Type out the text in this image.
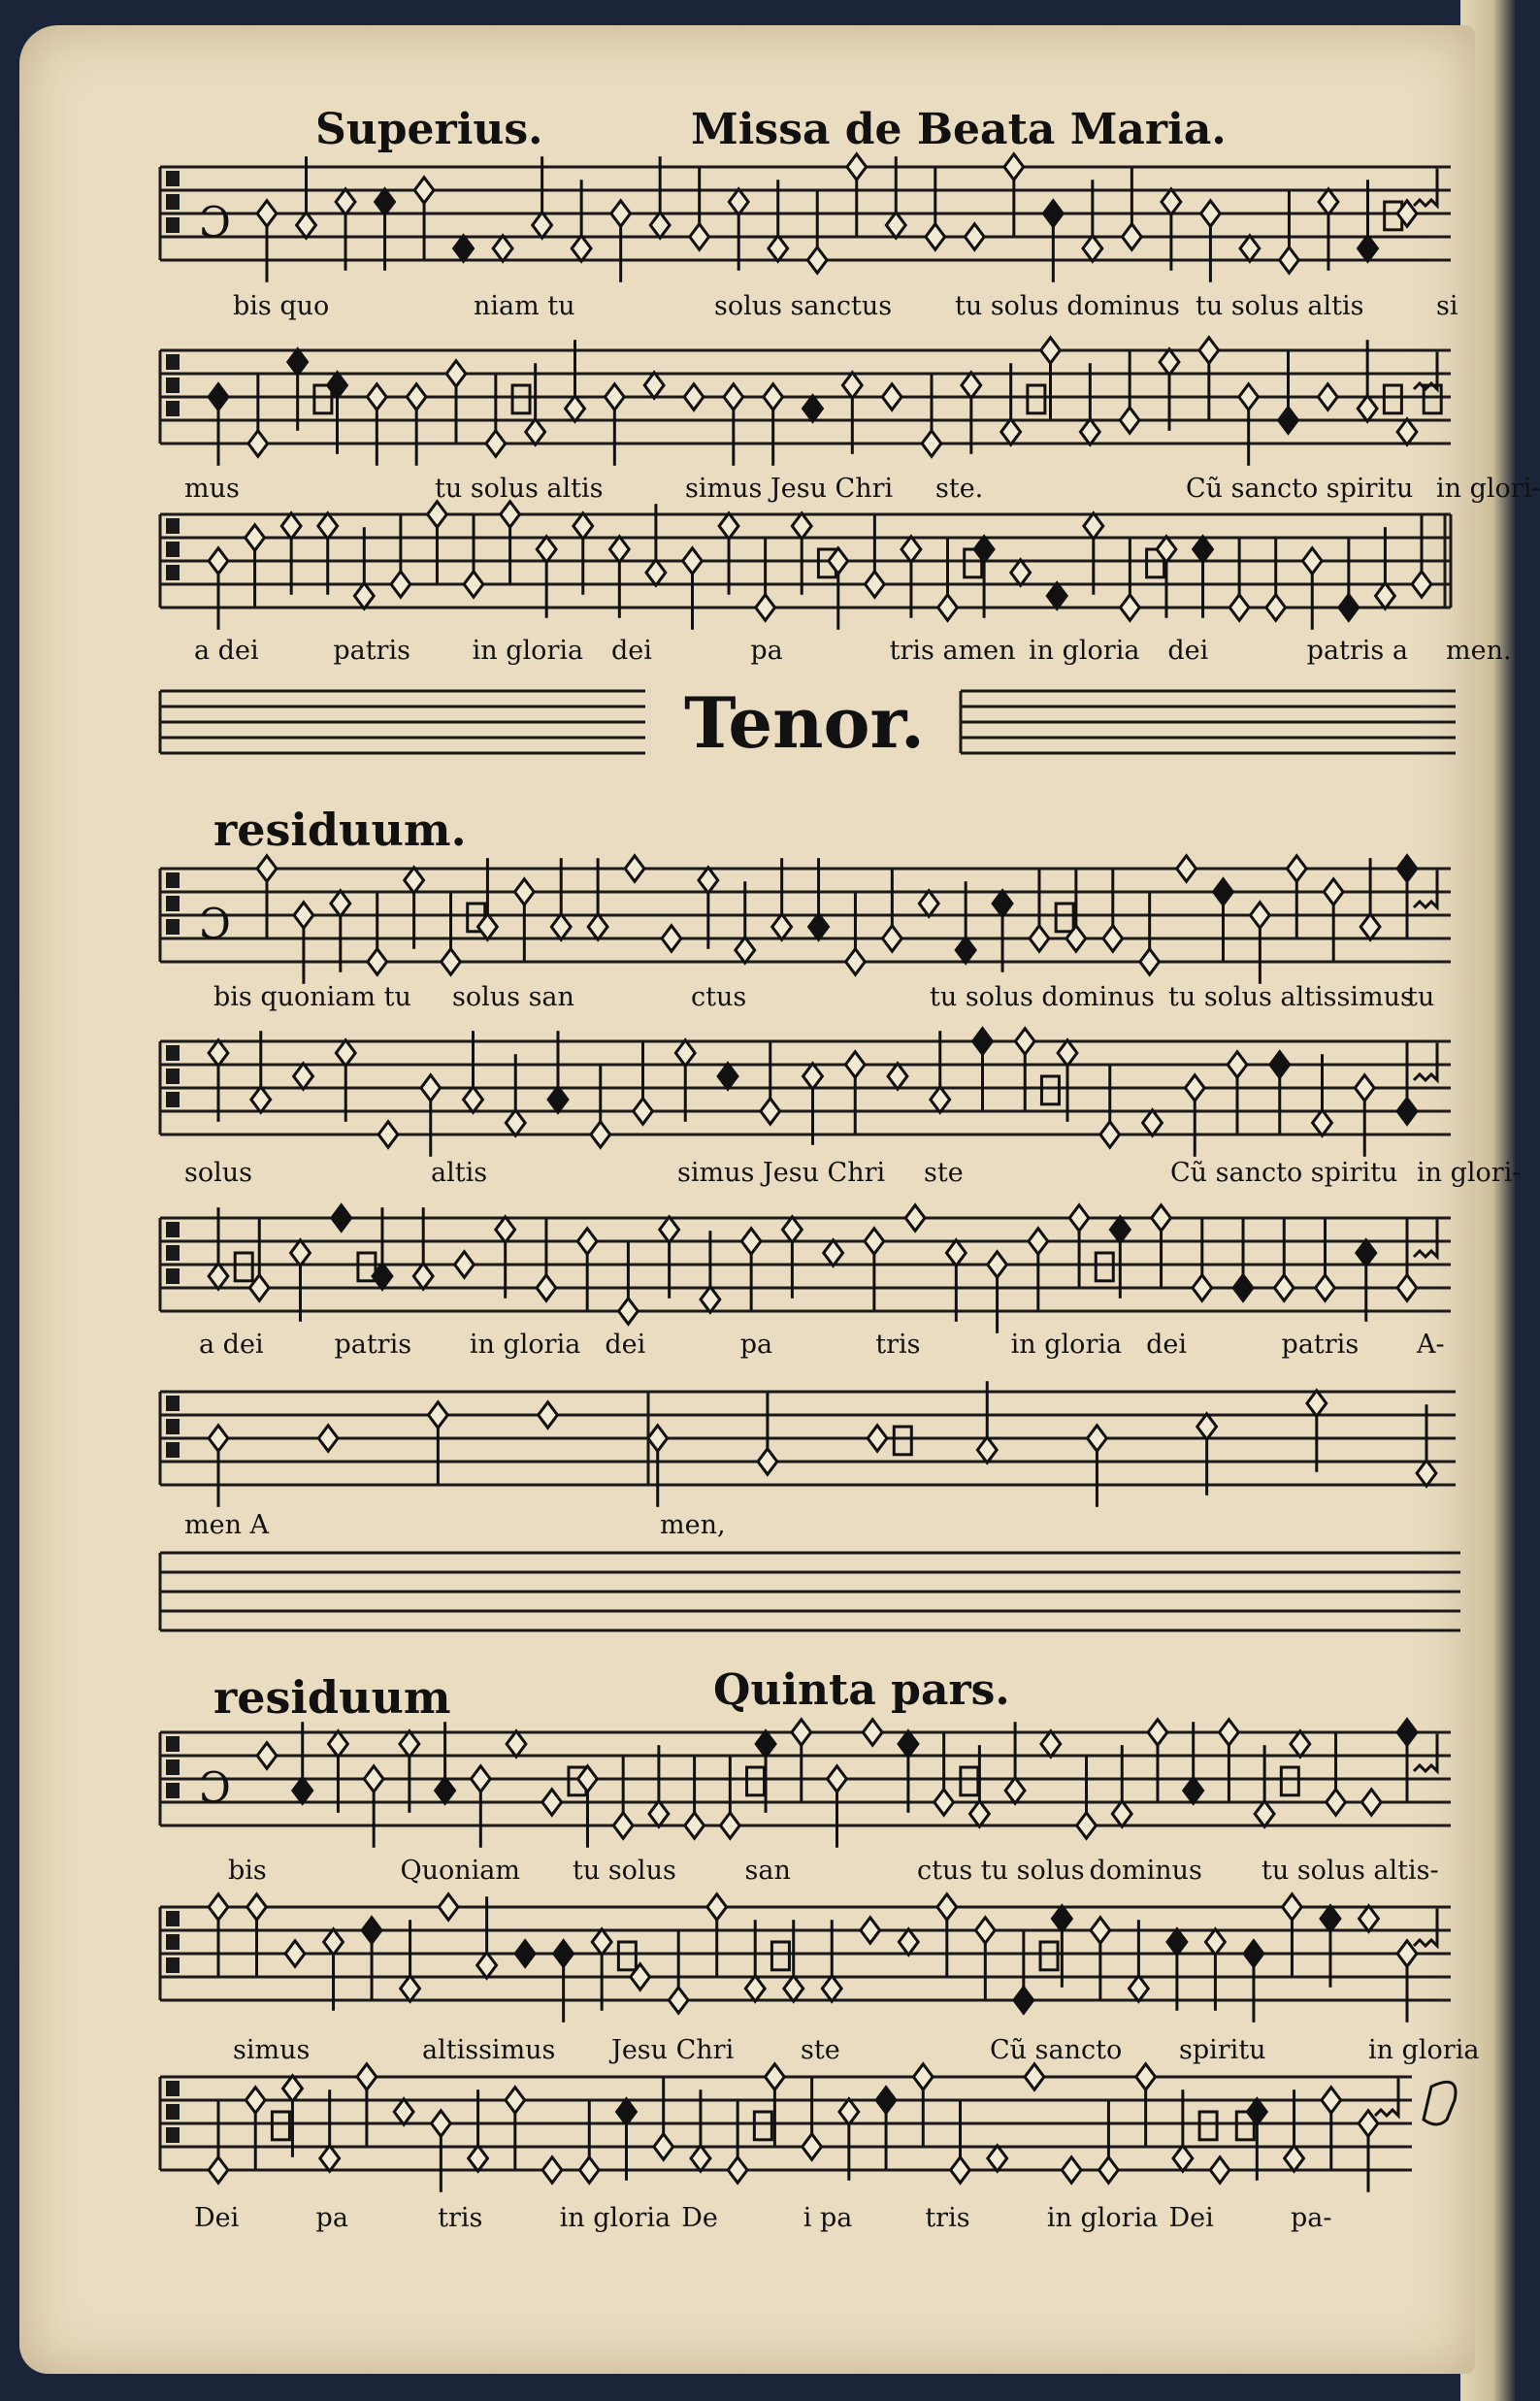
Ɔ
Ɔ
Ɔ
Superius.	Missa de Beata Maria.
bis quo	niam tu	solus sanctus tu solus dominus tu solus altis	si
mus	tu solus altis	simus Jesu Chri ste.	Cũ sancto spiritu in glori-
a dei	patris in gloria dei	pa	tris amen in gloria dei	patris a men.
Tenor.
residuum.
bis quoniam tu solus san	ctus	tu solus dominus tu solus altissimus
tu
solus	altis	simus Jesu Chri ste	Cũ sancto spiritu in glori-
a dei	patris in gloria dei	pa	tris	in gloria dei	patris A-
men A	men,
residuum	Quinta pars.
bis	Quoniam tu solus	san	ctus tu solus dominus tu solus altis-
simus	altissimus Jesu Chri	ste	Cũ sancto spiritu	in gloria
Dei	pa	tris	in gloria De	i pa	tris	in gloria Dei	pa-
